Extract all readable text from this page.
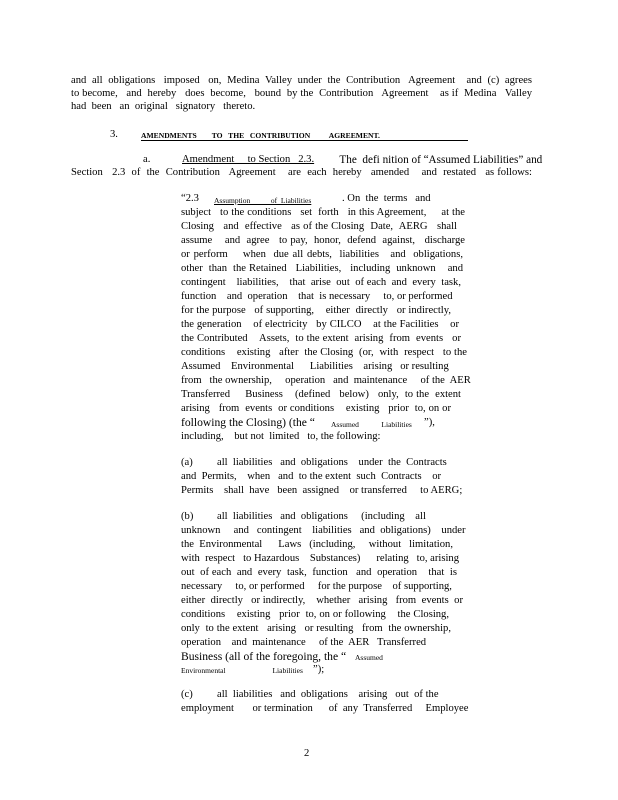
and  all  obligations   imposed   on,  Medina  Valley  under  the  Contribution   Agreement    and  (c)  agrees
to become,   and  hereby   does  become,   bound  by the  Contribution   Agreement    as if  Medina   Valley
had  been   an  original   signatory   thereto.
3.	AMENDMENTS        TO   THE   CONTRIBUTION          AGREEMENT.
a.	Amendment     to Section   2.3. The  defi nition of “Assumed Liabilities” and
Section   2.3  of  the  Contribution   Agreement    are  each  hereby   amended    and  restated   as follows:
“2.3 Assumption           of  Liabilities	. On  the  terms   and
subject   to the conditions   set  forth   in this Agreement,     at the
Closing   and  effective   as of the Closing  Date,  AERG   shall
assume    and  agree   to pay,  honor,  defend  against,   discharge
or perform    when  due all debts,  liabilities   and  obligations,
other  than  the Retained   Liabilities,   including  unknown    and
contingent    liabilities,    that  arise  out  of each  and  every  task,
function    and  operation    that  is necessary     to, or performed
for the purpose   of supporting,    either  directly   or indirectly,
the generation    of electricity   by CILCO    at the Facilities    or
the Contributed    Assets,  to the extent  arising  from  events   or
conditions    existing   after  the Closing  (or,  with  respect   to the
Assumed    Environmental      Liabilities    arising   or resulting
from   the ownership,     operation   and  maintenance     of the  AER
Transferred     Business    (defined   below)   only,  to the  extent
arising   from  events  or conditions    existing   prior  to, on or
following the Closing) (the “ Assumed            Liabilities ”),
including,    but not  limited   to, the following:
(a) all  liabilities   and  obligations    under  the  Contracts
and  Permits,    when   and  to the extent  such  Contracts    or
Permits    shall  have   been  assigned    or transferred     to AERG;
(b) all  liabilities   and  obligations     (including    all
unknown     and   contingent    liabilities   and  obligations)    under
the  Environmental      Laws   (including,     without   limitation,
with  respect   to Hazardous    Substances)      relating   to, arising
out  of each  and  every  task,  function   and  operation    that  is
necessary     to, or performed     for the purpose    of supporting,
either  directly   or indirectly,    whether   arising   from  events  or
conditions    existing   prior  to, on or following    the Closing,
only  to the extent   arising   or resulting   from  the ownership,
operation    and  maintenance     of the  AER   Transferred
Business (all of the foregoing, the “ Assumed
Environmental                         Liabilities ”);
(c) all  liabilities   and  obligations    arising   out  of the
employment       or termination      of  any  Transferred     Employee
2
